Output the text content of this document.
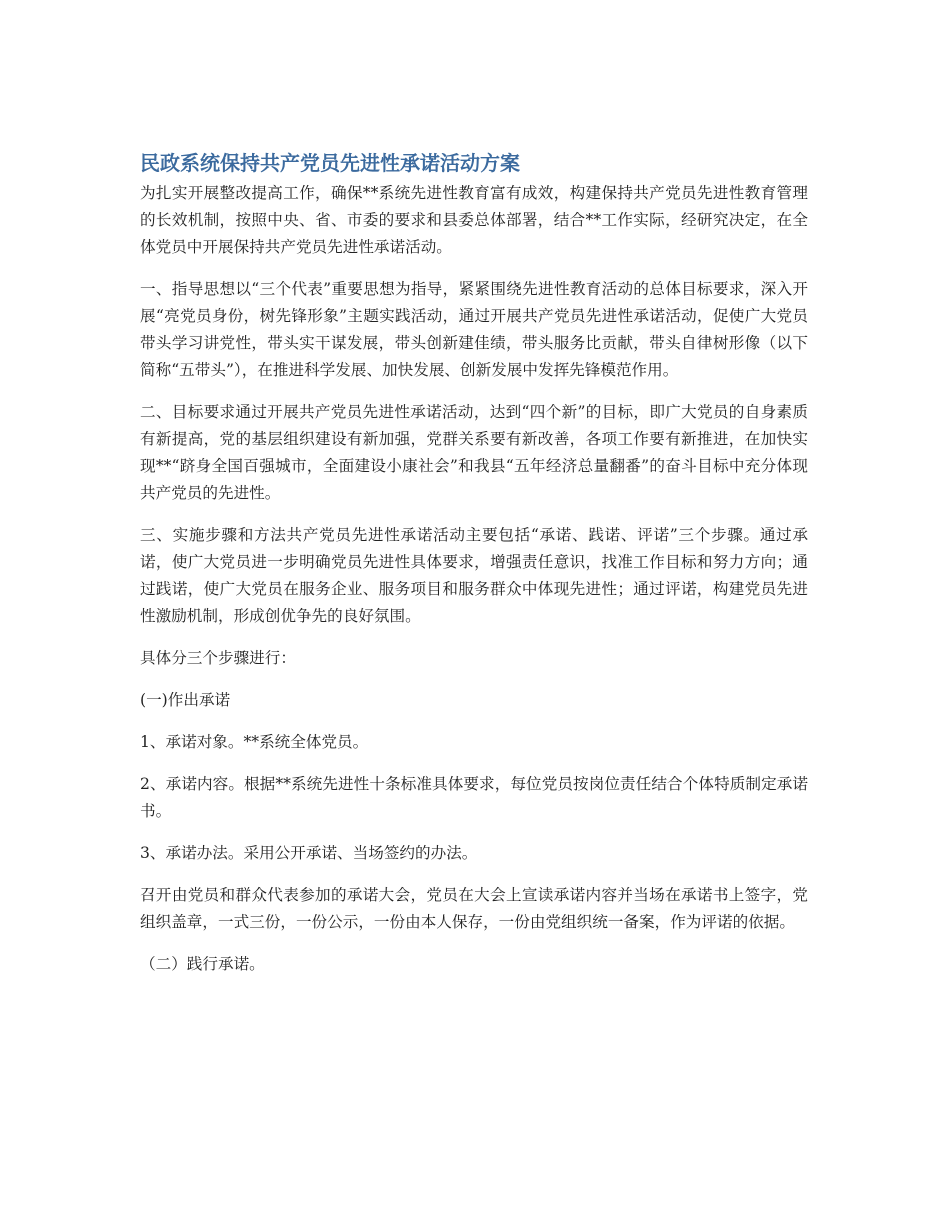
民政系统保持共产党员先进性承诺活动方案

为扎实开展整改提高工作，确保**系统先进性教育富有成效，构建保持共产党员先进性教育管理的长效机制，按照中央、省、市委的要求和县委总体部署，结合**工作实际，经研究决定，在全体党员中开展保持共产党员先进性承诺活动。

一、指导思想以“三个代表”重要思想为指导，紧紧围绕先进性教育活动的总体目标要求，深入开展“亮党员身份，树先锋形象”主题实践活动，通过开展共产党员先进性承诺活动，促使广大党员带头学习讲党性，带头实干谋发展，带头创新建佳绩，带头服务比贡献，带头自律树形像（以下简称“五带头”），在推进科学发展、加快发展、创新发展中发挥先锋模范作用。

二、目标要求通过开展共产党员先进性承诺活动，达到“四个新”的目标，即广大党员的自身素质有新提高，党的基层组织建设有新加强，党群关系要有新改善，各项工作要有新推进，在加快实现**“跻身全国百强城市，全面建设小康社会”和我县“五年经济总量翻番”的奋斗目标中充分体现共产党员的先进性。

三、实施步骤和方法共产党员先进性承诺活动主要包括“承诺、践诺、评诺”三个步骤。通过承诺，使广大党员进一步明确党员先进性具体要求，增强责任意识，找准工作目标和努力方向；通过践诺，使广大党员在服务企业、服务项目和服务群众中体现先进性；通过评诺，构建党员先进性激励机制，形成创优争先的良好氛围。

具体分三个步骤进行：

(一)作出承诺

1、承诺对象。**系统全体党员。

2、承诺内容。根据**系统先进性十条标准具体要求，每位党员按岗位责任结合个体特质制定承诺书。

3、承诺办法。采用公开承诺、当场签约的办法。

召开由党员和群众代表参加的承诺大会，党员在大会上宣读承诺内容并当场在承诺书上签字，党组织盖章，一式三份，一份公示，一份由本人保存，一份由党组织统一备案，作为评诺的依据。

（二）践行承诺。
